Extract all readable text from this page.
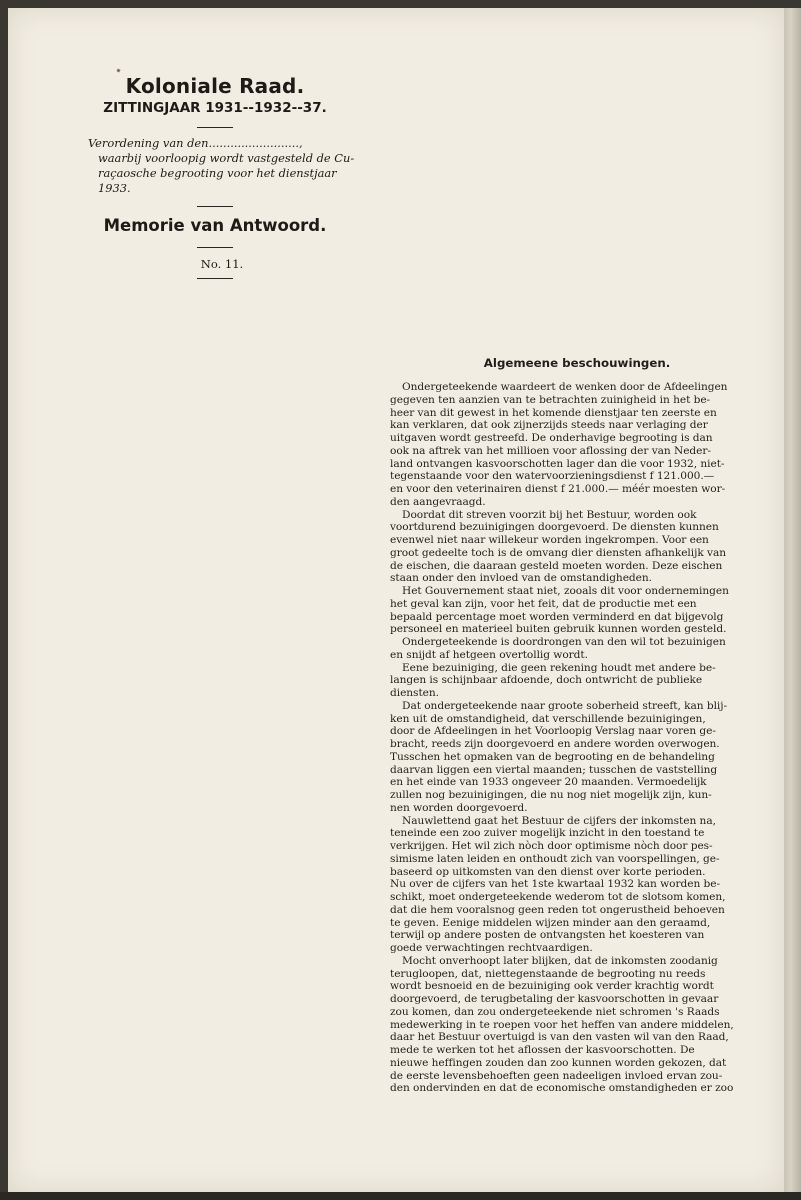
Koloniale Raad.
ZITTINGJAAR 1931--1932--37.
Verordening van den.........................,
waarbij voorloopig wordt vastgesteld de Cu-
raçaosche begrooting voor het dienstjaar
1933.
Memorie van Antwoord.
No. 11.
Algemeene beschouwingen.
Ondergeteekende waardeert de wenken door de Afdeelingen
gegeven ten aanzien van te betrachten zuinigheid in het be-
heer van dit gewest in het komende dienstjaar ten zeerste en
kan verklaren, dat ook zijnerzijds steeds naar verlaging der
uitgaven wordt gestreefd. De onderhavige begrooting is dan
ook na aftrek van het millioen voor aflossing der van Neder-
land ontvangen kasvoorschotten lager dan die voor 1932, niet-
tegenstaande voor den watervoorzieningsdienst f 121.000.—
en voor den veterinairen dienst f 21.000.— méér moesten wor-
den aangevraagd.
Doordat dit streven voorzit bij het Bestuur, worden ook
voortdurend bezuinigingen doorgevoerd. De diensten kunnen
evenwel niet naar willekeur worden ingekrompen. Voor een
groot gedeelte toch is de omvang dier diensten afhankelijk van
de eischen, die daaraan gesteld moeten worden. Deze eischen
staan onder den invloed van de omstandigheden.
Het Gouvernement staat niet, zooals dit voor ondernemingen
het geval kan zijn, voor het feit, dat de productie met een
bepaald percentage moet worden verminderd en dat bijgevolg
personeel en materieel buiten gebruik kunnen worden gesteld.
Ondergeteekende is doordrongen van den wil tot bezuinigen
en snijdt af hetgeen overtollig wordt.
Eene bezuiniging, die geen rekening houdt met andere be-
langen is schijnbaar afdoende, doch ontwricht de publieke
diensten.
Dat ondergeteekende naar groote soberheid streeft, kan blij-
ken uit de omstandigheid, dat verschillende bezuinigingen,
door de Afdeelingen in het Voorloopig Verslag naar voren ge-
bracht, reeds zijn doorgevoerd en andere worden overwogen.
Tusschen het opmaken van de begrooting en de behandeling
daarvan liggen een viertal maanden; tusschen de vaststelling
en het einde van 1933 ongeveer 20 maanden. Vermoedelijk
zullen nog bezuinigingen, die nu nog niet mogelijk zijn, kun-
nen worden doorgevoerd.
Nauwlettend gaat het Bestuur de cijfers der inkomsten na,
teneinde een zoo zuiver mogelijk inzicht in den toestand te
verkrijgen. Het wil zich nòch door optimisme nòch door pes-
simisme laten leiden en onthoudt zich van voorspellingen, ge-
baseerd op uitkomsten van den dienst over korte perioden.
Nu over de cijfers van het 1ste kwartaal 1932 kan worden be-
schikt, moet ondergeteekende wederom tot de slotsom komen,
dat die hem vooralsnog geen reden tot ongerustheid behoeven
te geven. Eenige middelen wijzen minder aan den geraamd,
terwijl op andere posten de ontvangsten het koesteren van
goede verwachtingen rechtvaardigen.
Mocht onverhoopt later blijken, dat de inkomsten zoodanig
terugloopen, dat, niettegenstaande de begrooting nu reeds
wordt besnoeid en de bezuiniging ook verder krachtig wordt
doorgevoerd, de terugbetaling der kasvoorschotten in gevaar
zou komen, dan zou ondergeteekende niet schromen 's Raads
medewerking in te roepen voor het heffen van andere middelen,
daar het Bestuur overtuigd is van den vasten wil van den Raad,
mede te werken tot het aflossen der kasvoorschotten. De
nieuwe heffingen zouden dan zoo kunnen worden gekozen, dat
de eerste levensbehoeften geen nadeeligen invloed ervan zou-
den ondervinden en dat de economische omstandigheden er zoo
